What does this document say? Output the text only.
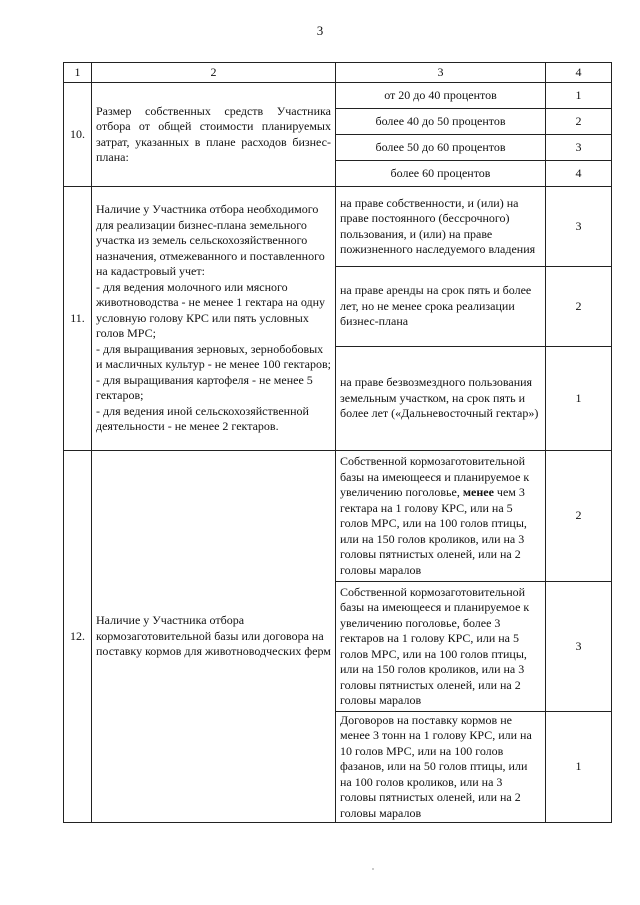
3
1	2	3	4
10.	Размер собственных средств Участника отбора от общей стоимости планируемых затрат, указанных в плане расходов бизнес-плана:	от 20 до 40 процентов	1
		более 40 до 50 процентов	2
		более 50 до 60 процентов	3
		более 60 процентов	4
11.	Наличие у Участника отбора необходимого для реализации бизнес-плана земельного участка из земель сельскохозяйственного назначения, отмежеванного и поставленного на кадастровый учет:
- для ведения молочного или мясного животноводства - не менее 1 гектара на одну условную голову КРС или пять условных голов МРС;
- для выращивания зерновых, зернобобовых и масличных культур - не менее 100 гектаров;
- для выращивания картофеля - не менее 5 гектаров;
- для ведения иной сельскохозяйственной деятельности - не менее 2 гектаров.	на праве собственности, и (или) на праве постоянного (бессрочного) пользования, и (или) на праве пожизненного наследуемого владения	3
		на праве аренды на срок пять и более лет, но не менее срока реализации бизнес-плана	2
		на праве безвозмездного пользования земельным участком, на срок пять и более лет («Дальневосточный гектар»)	1
12.	Наличие у Участника отбора кормозаготовительной базы или договора на поставку кормов для животноводческих ферм	Собственной кормозаготовительной базы на имеющееся и планируемое к увеличению поголовье, менее чем 3 гектара на 1 голову КРС, или на 5 голов МРС, или на 100 голов птицы, или на 150 голов кроликов, или на 3 головы пятнистых оленей, или на 2 головы маралов	2
		Собственной кормозаготовительной базы на имеющееся и планируемое к увеличению поголовье, более 3 гектаров на 1 голову КРС, или на 5 голов МРС, или на 100 голов птицы, или на 150 голов кроликов, или на 3 головы пятнистых оленей, или на 2 головы маралов	3
		Договоров на поставку кормов не менее 3 тонн на 1 голову КРС, или на 10 голов МРС, или на 100 голов фазанов, или на 50 голов птицы, или на 100 голов кроликов, или на 3 головы пятнистых оленей, или на 2 головы маралов	1
